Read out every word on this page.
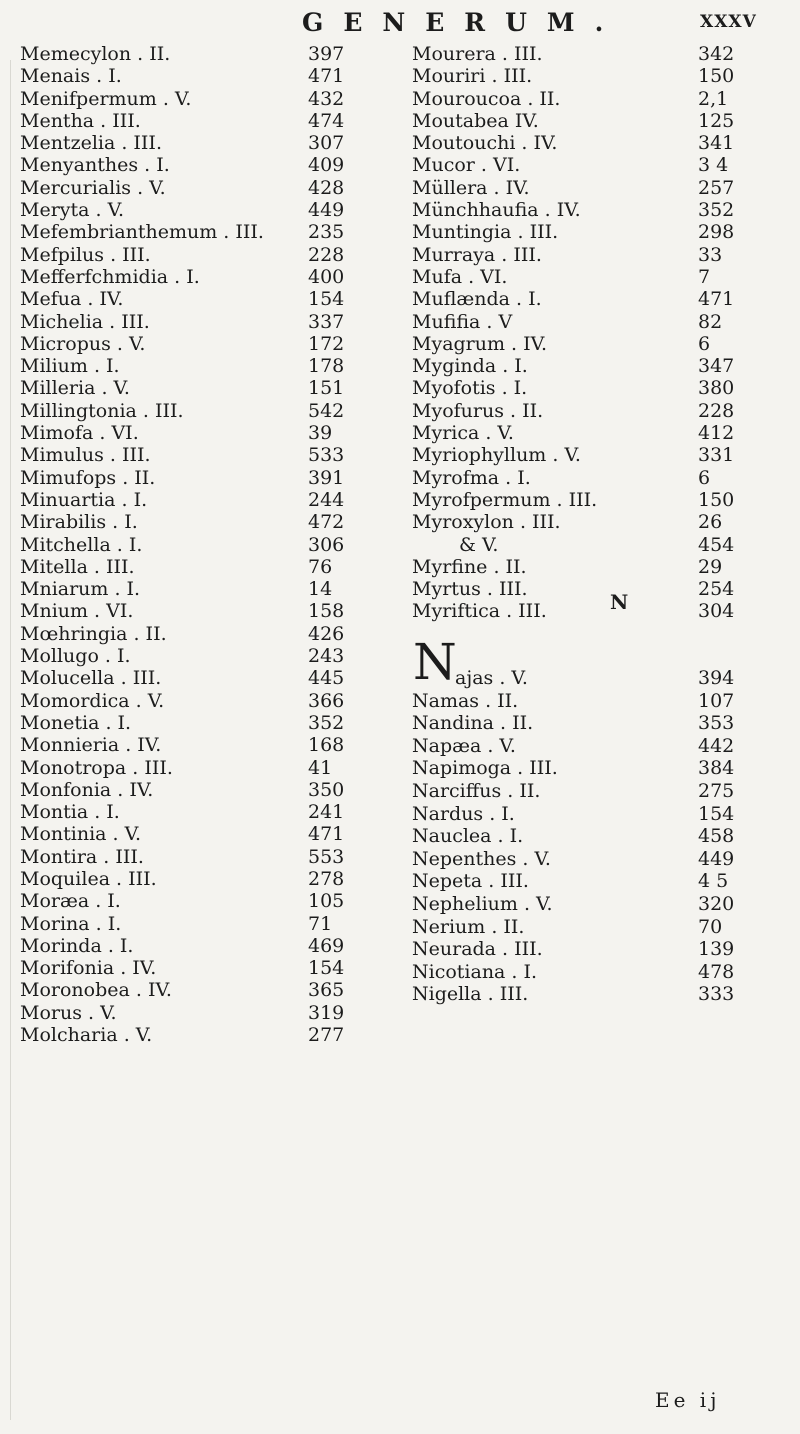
GENERUM.	XXXV
Memecylon . II.	397
Menais . I.	471
Menifpermum . V.	432
Mentha . III.	474
Mentzelia . III.	307
Menyanthes . I.	409
Mercurialis . V.	428
Meryta . V.	449
Mefembrianthemum . III. 235
Mefpilus . III.	228
Mefferfchmidia . I.	400
Mefua . IV.	154
Michelia . III.	337
Micropus . V.	172
Milium . I.	178
Milleria . V.	151
Millingtonia . III.	542
Mimofa . VI.	39
Mimulus . III.	533
Mimufops . II.	391
Minuartia . I.	244
Mirabilis . I.	472
Mitchella . I.	306
Mitella . III.	76
Mniarum . I.	14
Mnium . VI.	158
Mœhringia . II.	426
Mollugo . I.	243
Molucella . III.	445
Momordica . V.	366
Monetia . I.	352
Monnieria . IV.	168
Monotropa . III.	41
Monfonia . IV.	350
Montia . I.	241
Montinia . V.	471
Montira . III.	553
Moquilea . III.	278
Moræa . I.	105
Morina . I.	71
Morinda . I.	469
Morifonia . IV.	154
Moronobea . IV.	365
Morus . V.	319
Molcharia . V.	277
Mourera . III.	342
Mouriri . III.	150
Mouroucoa . II.	2,1
Moutabea IV.	125
Moutouchi . IV.	341
Mucor . VI.	3 4
Müllera . IV.	257
Münchhaufia . IV.	352
Muntingia . III.	298
Murraya . III.	33
Mufa . VI.	7
Muflænda . I.	471
Mufifia . V	82
Myagrum . IV.	6
Myginda . I.	347
Myofotis . I.	380
Myofurus . II.	228
Myrica . V.	412
Myriophyllum . V.	331
Myrofma . I.	6
Myrofpermum . III.	150
Myroxylon . III.	26
& V.	454
Myrfine . II.	29
Myrtus . III.	254
Myriftica . III.	304
N
N
ajas . V.	394
Namas . II.	107
Nandina . II.	353
Napæa . V.	442
Napimoga . III.	384
Narciffus . II.	275
Nardus . I.	154
Nauclea . I.	458
Nepenthes . V.	449
Nepeta . III.	4 5
Nephelium . V.	320
Nerium . II.	70
Neurada . III.	139
Nicotiana . I.	478
Nigella . III.	333
Ee ij
